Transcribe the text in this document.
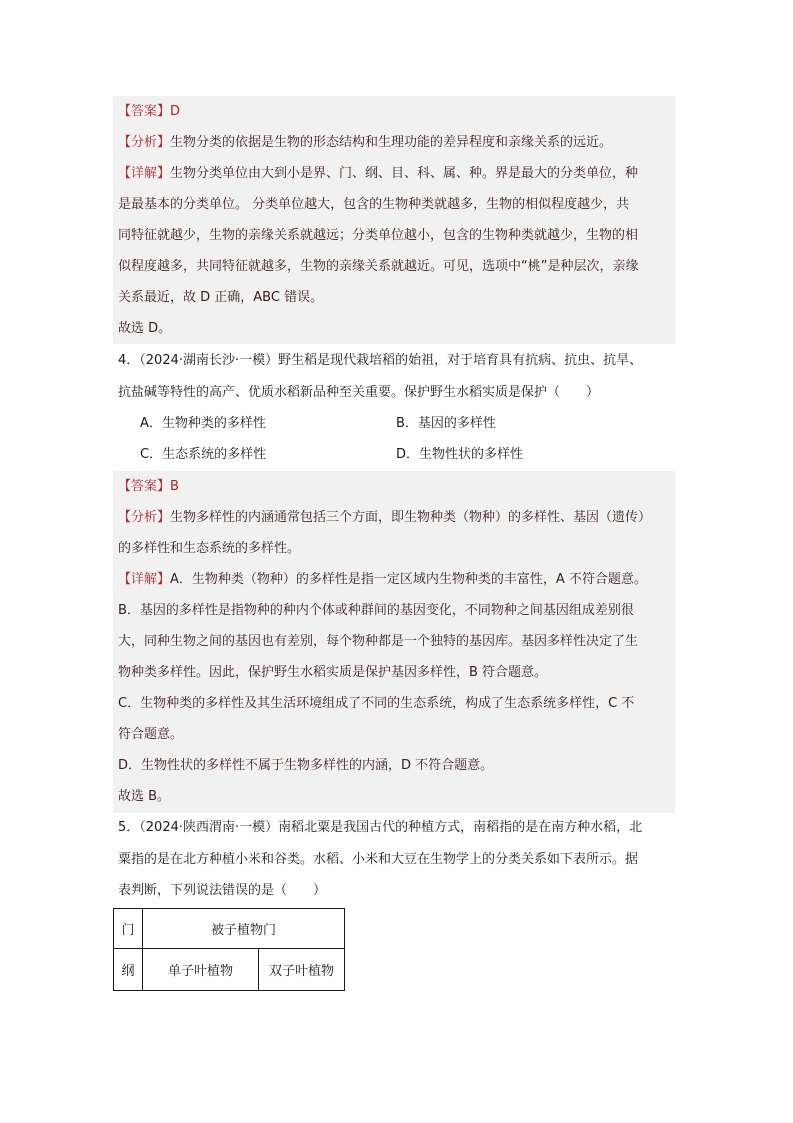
【答案】D
【分析】生物分类的依据是生物的形态结构和生理功能的差异程度和亲缘关系的远近。
【详解】生物分类单位由大到小是界、门、纲、目、科、属、种。界是最大的分类单位，种
是最基本的分类单位。 分类单位越大，包含的生物种类就越多，生物的相似程度越少，共
同特征就越少，生物的亲缘关系就越远；分类单位越小，包含的生物种类就越少，生物的相
似程度越多，共同特征就越多，生物的亲缘关系就越近。可见，选项中“桃”是种层次，亲缘
关系最近，故 D 正确，ABC 错误。
故选 D。
4．（2024·湖南长沙·一模）野生稻是现代栽培稻的始祖，对于培育具有抗病、抗虫、抗旱、
抗盐碱等特性的高产、优质水稻新品种至关重要。保护野生水稻实质是保护（　　）
A．生物种类的多样性	B．基因的多样性
C．生态系统的多样性	D．生物性状的多样性
【答案】B
【分析】生物多样性的内涵通常包括三个方面，即生物种类（物种）的多样性、基因（遗传）
的多样性和生态系统的多样性。
【详解】A．生物种类（物种）的多样性是指一定区域内生物种类的丰富性，A 不符合题意。
B．基因的多样性是指物种的种内个体或种群间的基因变化，不同物种之间基因组成差别很
大，同种生物之间的基因也有差别，每个物种都是一个独特的基因库。基因多样性决定了生
物种类多样性。因此，保护野生水稻实质是保护基因多样性，B 符合题意。
C．生物种类的多样性及其生活环境组成了不同的生态系统，构成了生态系统多样性，C 不
符合题意。
D．生物性状的多样性不属于生物多样性的内涵，D 不符合题意。
故选 B。
5．（2024·陕西渭南·一模）南稻北粟是我国古代的种植方式，南稻指的是在南方种水稻，北
粟指的是在北方种植小米和谷类。水稻、小米和大豆在生物学上的分类关系如下表所示。据
表判断，下列说法错误的是（　　）
门	被子植物门	
纲	单子叶植物	双子叶植物
